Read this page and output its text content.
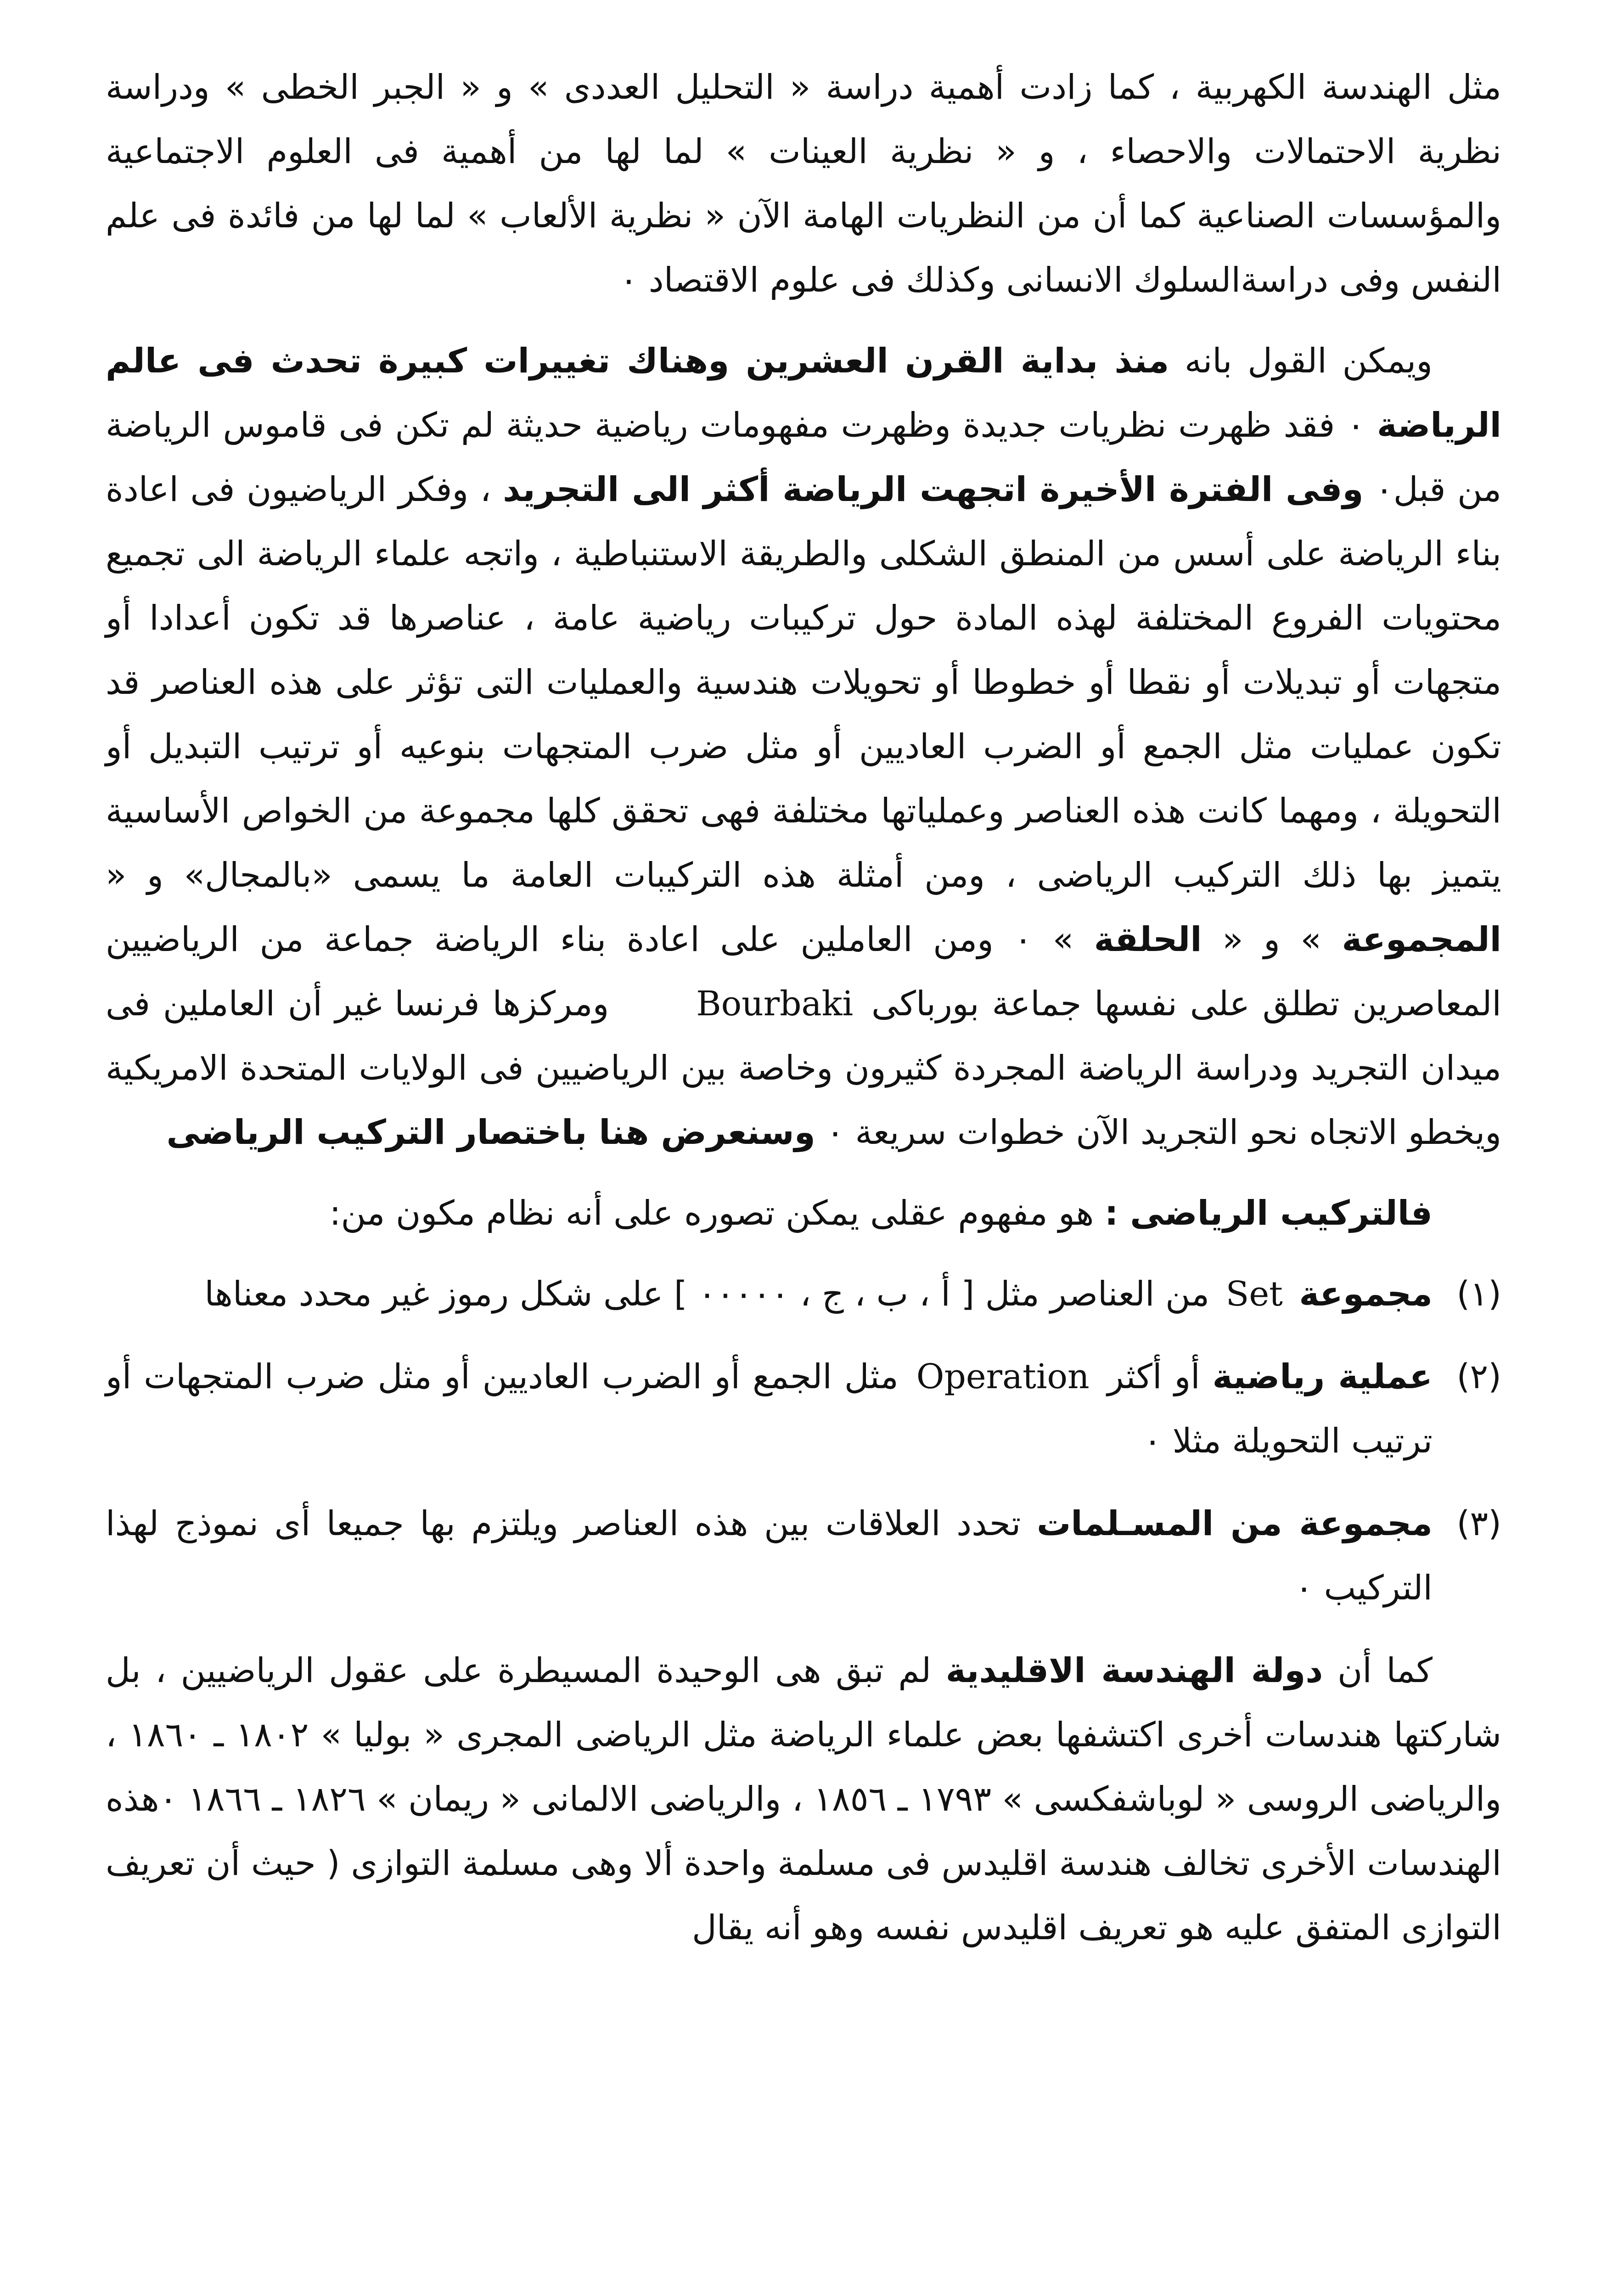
مثل الهندسة الكهربية ، كما زادت أهمية دراسة « التحليل العددى » و « الجبر الخطى » ودراسة نظرية الاحتمالات والاحصاء ، و « نظرية العينات » لما لها من أهمية فى العلوم الاجتماعية والمؤسسات الصناعية كما أن من النظريات الهامة الآن « نظرية الألعاب » لما لها من فائدة فى علم النفس وفى دراسةالسلوك الانسانى وكذلك فى علوم الاقتصاد ٠

ويمكن القول بانه منذ بداية القرن العشرين وهناك تغييرات كبيرة تحدث فى عالم الرياضة ٠ فقد ظهرت نظريات جديدة وظهرت مفهومات رياضية حديثة لم تكن فى قاموس الرياضة من قبل٠ وفى الفترة الأخيرة اتجهت الرياضة أكثر الى التجريد ، وفكر الرياضيون فى اعادة بناء الرياضة على أسس من المنطق الشكلى والطريقة الاستنباطية ، واتجه علماء الرياضة الى تجميع محتويات الفروع المختلفة لهذه المادة حول تركيبات رياضية عامة ، عناصرها قد تكون أعدادا أو متجهات أو تبديلات أو نقطا أو خطوطا أو تحويلات هندسية والعمليات التى تؤثر على هذه العناصر قد تكون عمليات مثل الجمع أو الضرب العاديين أو مثل ضرب المتجهات بنوعيه أو ترتيب التبديل أو التحويلة ، ومهما كانت هذه العناصر وعملياتها مختلفة فهى تحقق كلها مجموعة من الخواص الأساسية يتميز بها ذلك التركيب الرياضى ، ومن أمثلة هذه التركيبات العامة ما يسمى «بالمجال» و « المجموعة » و « الحلقة » ٠ ومن العاملين على اعادة بناء الرياضة جماعة من الرياضيين المعاصرين تطلق على نفسها جماعة بورباكى Bourbaki ومركزها فرنسا غير أن العاملين فى ميدان التجريد ودراسة الرياضة المجردة كثيرون وخاصة بين الرياضيين فى الولايات المتحدة الامريكية ويخطو الاتجاه نحو التجريد الآن خطوات سريعة ٠ وسنعرض هنا باختصار التركيب الرياضى

فالتركيب الرياضى : هو مفهوم عقلى يمكن تصوره على أنه نظام مكون من:

(١)
مجموعة Set من العناصر مثل [ أ ، ب ، ج ، ٠٠٠٠٠ ] على شكل رموز غير محدد معناها
(٢)
عملية رياضية أو أكثر Operation مثل الجمع أو الضرب العاديين أو مثل ضرب المتجهات أو ترتيب التحويلة مثلا ٠
(٣)
مجموعة من المسـلمات تحدد العلاقات بين هذه العناصر ويلتزم بها جميعا أى نموذج لهذا التركيب ٠

كما أن دولة الهندسة الاقليدية لم تبق هى الوحيدة المسيطرة على عقول الرياضيين ، بل شاركتها هندسات أخرى اكتشفها بعض علماء الرياضة مثل الرياضى المجرى « بوليا » ١٨٠٢ ـ ١٨٦٠ ، والرياضى الروسى « لوباشفكسى » ١٧٩٣ ـ ١٨٥٦ ، والرياضى الالمانى « ريمان » ١٨٢٦ ـ ١٨٦٦ ٠هذه الهندسات الأخرى تخالف هندسة اقليدس فى مسلمة واحدة ألا وهى مسلمة التوازى ( حيث أن تعريف التوازى المتفق عليه هو تعريف اقليدس نفسه وهو أنه يقال
